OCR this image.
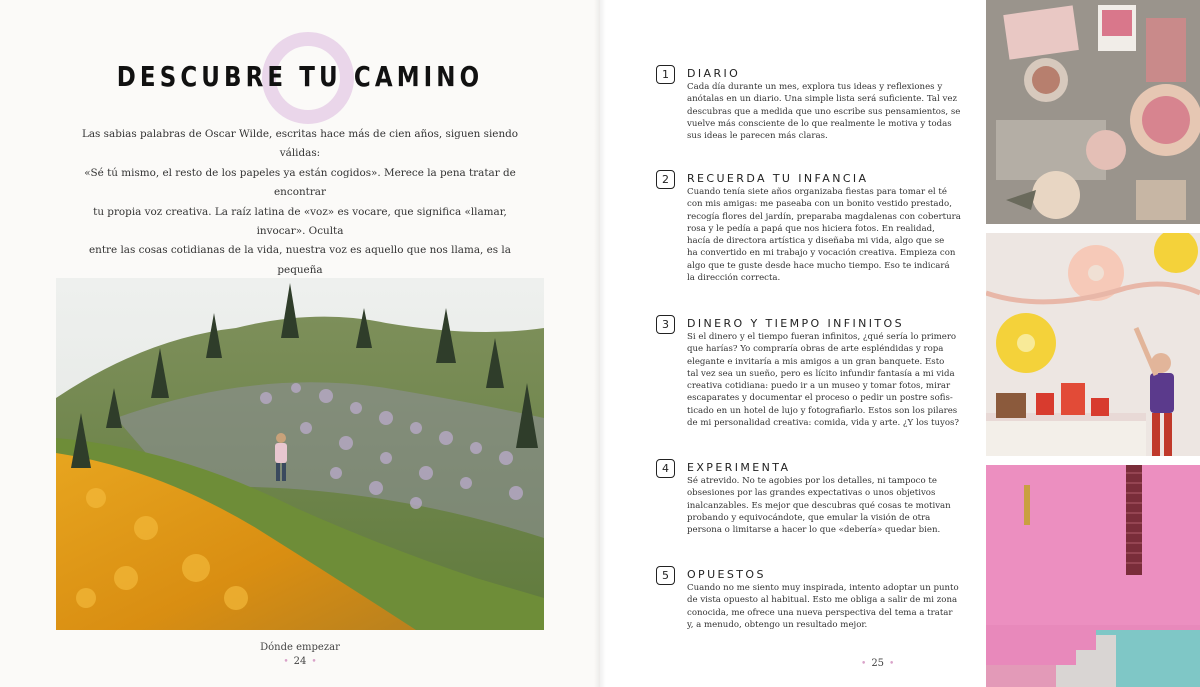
DESCUBRE TU CAMINO
Las sabias palabras de Oscar Wilde, escritas hace más de cien años, siguen siendo válidas:
«Sé tú mismo, el resto de los papeles ya están cogidos». Merece la pena tratar de encontrar
tu propia voz creativa. La raíz latina de «voz» es vocare, que significa «llamar, invocar». Oculta
entre las cosas cotidianas de la vida, nuestra voz es aquello que nos llama, es la pequeña
Dónde empezar
• 24 •
1	DIARIO
Cada día durante un mes, explora tus ideas y reflexiones y
anótalas en un diario. Una simple lista será suficiente. Tal vez
descubras que a medida que uno escribe sus pensamientos, se
vuelve más consciente de lo que realmente le motiva y todas
sus ideas le parecen más claras.
2	RECUERDA TU INFANCIA
Cuando tenía siete años organizaba fiestas para tomar el té
con mis amigas: me paseaba con un bonito vestido prestado,
recogía flores del jardín, preparaba magdalenas con cobertura
rosa y le pedía a papá que nos hiciera fotos. En realidad,
hacía de directora artística y diseñaba mi vida, algo que se
ha convertido en mi trabajo y vocación creativa. Empieza con
algo que te guste desde hace mucho tiempo. Eso te indicará
la dirección correcta.
3	DINERO Y TIEMPO INFINITOS
Si el dinero y el tiempo fueran infinitos, ¿qué sería lo primero
que harías? Yo compraría obras de arte espléndidas y ropa
elegante e invitaría a mis amigos a un gran banquete. Esto
tal vez sea un sueño, pero es lícito infundir fantasía a mi vida
creativa cotidiana: puedo ir a un museo y tomar fotos, mirar
escaparates y documentar el proceso o pedir un postre sofis-
ticado en un hotel de lujo y fotografiarlo. Estos son los pilares
de mi personalidad creativa: comida, vida y arte. ¿Y los tuyos?
4	EXPERIMENTA
Sé atrevido. No te agobies por los detalles, ni tampoco te
obsesiones por las grandes expectativas o unos objetivos
inalcanzables. Es mejor que descubras qué cosas te motivan
probando y equivocándote, que emular la visión de otra
persona o limitarse a hacer lo que «debería» quedar bien.
5	OPUESTOS
Cuando no me siento muy inspirada, intento adoptar un punto
de vista opuesto al habitual. Esto me obliga a salir de mi zona
conocida, me ofrece una nueva perspectiva del tema a tratar
y, a menudo, obtengo un resultado mejor.
• 25 •
